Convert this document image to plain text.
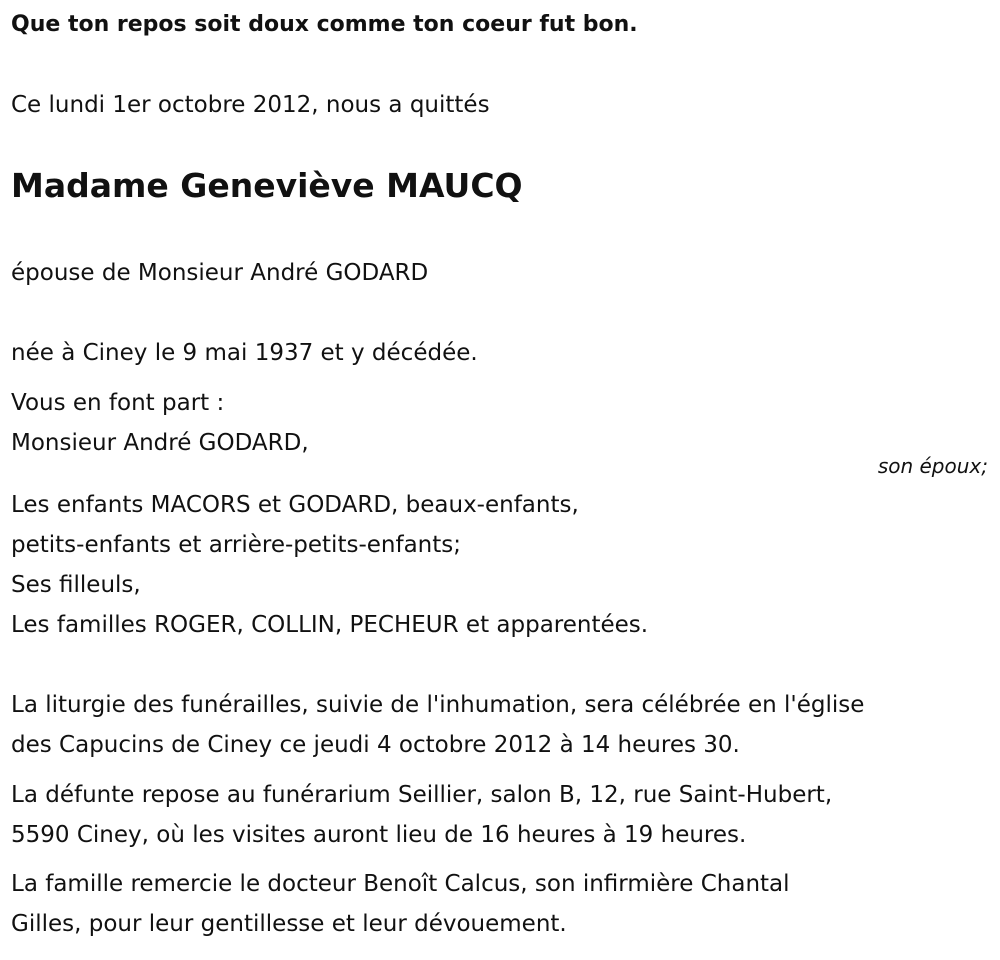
Que ton repos soit doux comme ton coeur fut bon.

Ce lundi 1er octobre 2012, nous a quittés

Madame Geneviève MAUCQ

épouse de Monsieur André GODARD

née à Ciney le 9 mai 1937 et y décédée.

Vous en font part :

Monsieur André GODARD,

son époux;

Les enfants MACORS et GODARD, beaux-enfants,

petits-enfants et arrière-petits-enfants;

Ses filleuls,

Les familles ROGER, COLLIN, PECHEUR et apparentées.

La liturgie des funérailles, suivie de l'inhumation, sera célébrée en l'église

des Capucins de Ciney ce jeudi 4 octobre 2012 à 14 heures 30.

La défunte repose au funérarium Seillier, salon B, 12, rue Saint-Hubert,

5590 Ciney, où les visites auront lieu de 16 heures à 19 heures.

La famille remercie le docteur Benoît Calcus, son infirmière Chantal

Gilles, pour leur gentillesse et leur dévouement.
